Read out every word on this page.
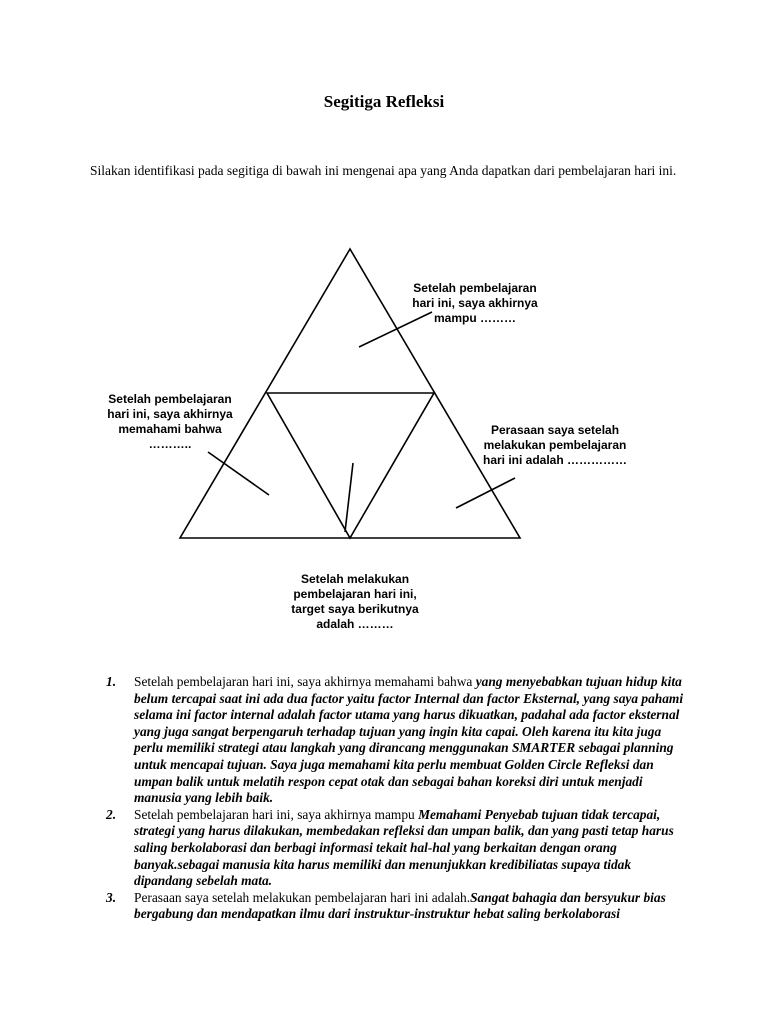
Segitiga Refleksi
Silakan identifikasi pada segitiga di bawah ini mengenai apa yang Anda dapatkan dari pembelajaran hari ini.
Setelah pembelajaran
hari ini, saya akhirnya
mampu ………
Setelah pembelajaran
hari ini, saya akhirnya
memahami bahwa
………..
Perasaan saya setelah
melakukan pembelajaran
hari ini adalah ……………
Setelah melakukan
pembelajaran hari ini,
target saya berikutnya
adalah ………
1. Setelah pembelajaran hari ini, saya akhirnya memahami bahwa yang menyebabkan tujuan hidup kita belum tercapai saat ini ada dua factor yaitu factor Internal dan factor Eksternal, yang saya pahami selama ini factor internal adalah factor utama yang harus dikuatkan, padahal ada factor eksternal yang juga sangat berpengaruh terhadap tujuan yang ingin kita capai. Oleh karena itu kita juga perlu memiliki strategi atau langkah yang dirancang menggunakan SMARTER sebagai planning untuk mencapai tujuan. Saya juga memahami kita perlu membuat Golden Circle Refleksi dan umpan balik untuk melatih respon cepat otak dan sebagai bahan koreksi diri untuk menjadi manusia yang lebih baik.
2. Setelah pembelajaran hari ini, saya akhirnya mampu Memahami Penyebab tujuan tidak tercapai, strategi yang harus dilakukan, membedakan refleksi dan umpan balik, dan yang pasti tetap harus saling berkolaborasi dan berbagi informasi tekait hal-hal yang berkaitan dengan orang banyak.sebagai manusia kita harus memiliki dan menunjukkan kredibiliatas supaya tidak dipandang sebelah mata.
3. Perasaan saya setelah melakukan pembelajaran hari ini adalah.Sangat bahagia dan bersyukur bias bergabung dan mendapatkan ilmu dari instruktur-instruktur hebat saling berkolaborasi
